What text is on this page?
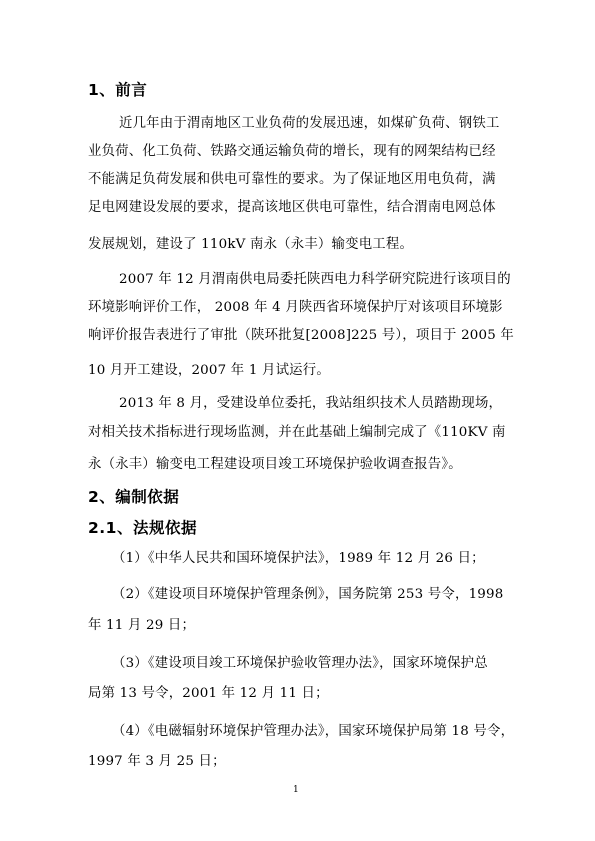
1、前言
近几年由于渭南地区工业负荷的发展迅速，如煤矿负荷、钢铁工
业负荷、化工负荷、铁路交通运输负荷的增长，现有的网架结构已经
不能满足负荷发展和供电可靠性的要求。为了保证地区用电负荷，满
足电网建设发展的要求，提高该地区供电可靠性，结合渭南电网总体
发展规划，建设了 110kV 南永（永丰）输变电工程。
2007 年 12 月渭南供电局委托陕西电力科学研究院进行该项目的
环境影响评价工作， 2008 年 4 月陕西省环境保护厅对该项目环境影
响评价报告表进行了审批（陕环批复[2008]225 号），项目于 2005 年
10 月开工建设，2007 年 1 月试运行。
2013 年 8 月，受建设单位委托，我站组织技术人员踏勘现场，
对相关技术指标进行现场监测，并在此基础上编制完成了《110KV 南
永（永丰）输变电工程建设项目竣工环境保护验收调查报告》。
2、编制依据
2.1、法规依据
（1）《中华人民共和国环境保护法》，1989 年 12 月 26 日；
（2）《建设项目环境保护管理条例》，国务院第 253 号令，1998
年 11 月 29 日；
（3）《建设项目竣工环境保护验收管理办法》，国家环境保护总
局第 13 号令，2001 年 12 月 11 日；
（4）《电磁辐射环境保护管理办法》，国家环境保护局第 18 号令，
1997 年 3 月 25 日；
1
